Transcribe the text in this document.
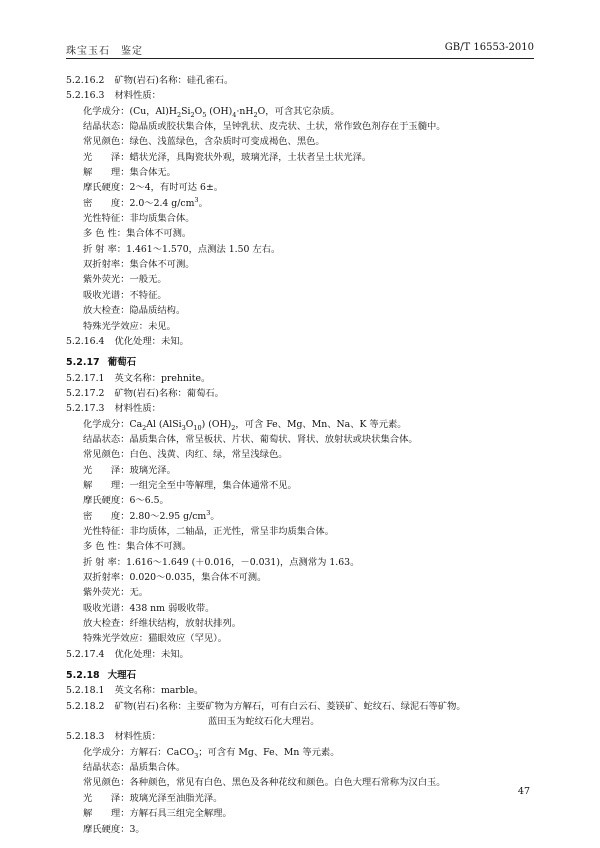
珠宝玉石　鉴定	GB/T 16553-2010
5.2.16.2 矿物(岩石)名称：硅孔雀石。
5.2.16.3 材料性质：
化学成分：(Cu，$Al)H_2Si_2O_5$ $(OH)_4\cdot nH_2O$，可含其它杂质。
结晶状态：隐晶质或胶状集合体，呈钟乳状、皮壳状、土状，常作致色剂存在于玉髓中。
常见颜色：绿色、浅蓝绿色，含杂质时可变成褐色、黑色。
光　　泽：蜡状光泽，具陶瓷状外观，玻璃光泽，土状者呈土状光泽。
解　　理：集合体无。
摩氏硬度：2～4，有时可达 6±。
密　　度：2.0～2.4 $g/cm^3$。
光性特征：非均质集合体。
多 色 性：集合体不可测。
折 射 率：1.461～1.570，点测法 1.50 左右。
双折射率：集合体不可测。
紫外荧光：一般无。
吸收光谱：不特征。
放大检查：隐晶质结构。
特殊光学效应：未见。
5.2.16.4 优化处理：未知。
5.2.17 葡萄石
5.2.17.1 英文名称：prehnite。
5.2.17.2 矿物(岩石)名称：葡萄石。
5.2.17.3 材料性质：
化学成分：$Ca_2Al$ $(AlSi_3O_{10})$ $(OH)_2$，可含 Fe、Mg、Mn、Na、K 等元素。
结晶状态：晶质集合体，常呈板状、片状、葡萄状、肾状、放射状或块状集合体。
常见颜色：白色、浅黄、肉红、绿，常呈浅绿色。
光　　泽：玻璃光泽。
解　　理：一组完全至中等解理，集合体通常不见。
摩氏硬度：6～6.5。
密　　度：2.80～2.95 $g/cm^3$。
光性特征：非均质体，二轴晶，正光性，常呈非均质集合体。
多 色 性：集合体不可测。
折 射 率：1.616～1.649 (＋0.016，－0.031)，点测常为 1.63。
双折射率：0.020～0.035，集合体不可测。
紫外荧光：无。
吸收光谱：438 nm 弱吸收带。
放大检查：纤维状结构，放射状排列。
特殊光学效应：猫眼效应（罕见）。
5.2.17.4 优化处理：未知。
5.2.18 大理石
5.2.18.1 英文名称：marble。
5.2.18.2 矿物(岩石)名称：主要矿物为方解石，可有白云石、菱镁矿、蛇纹石、绿泥石等矿物。
蓝田玉为蛇纹石化大理岩。
5.2.18.3 材料性质：
化学成分：方解石：CaCO$_3$；可含有 Mg、Fe、Mn 等元素。
结晶状态：晶质集合体。
常见颜色：各种颜色，常见有白色、黑色及各种花纹和颜色。白色大理石常称为汉白玉。
光　　泽：玻璃光泽至油脂光泽。
解　　理：方解石具三组完全解理。
摩氏硬度：3。
47
